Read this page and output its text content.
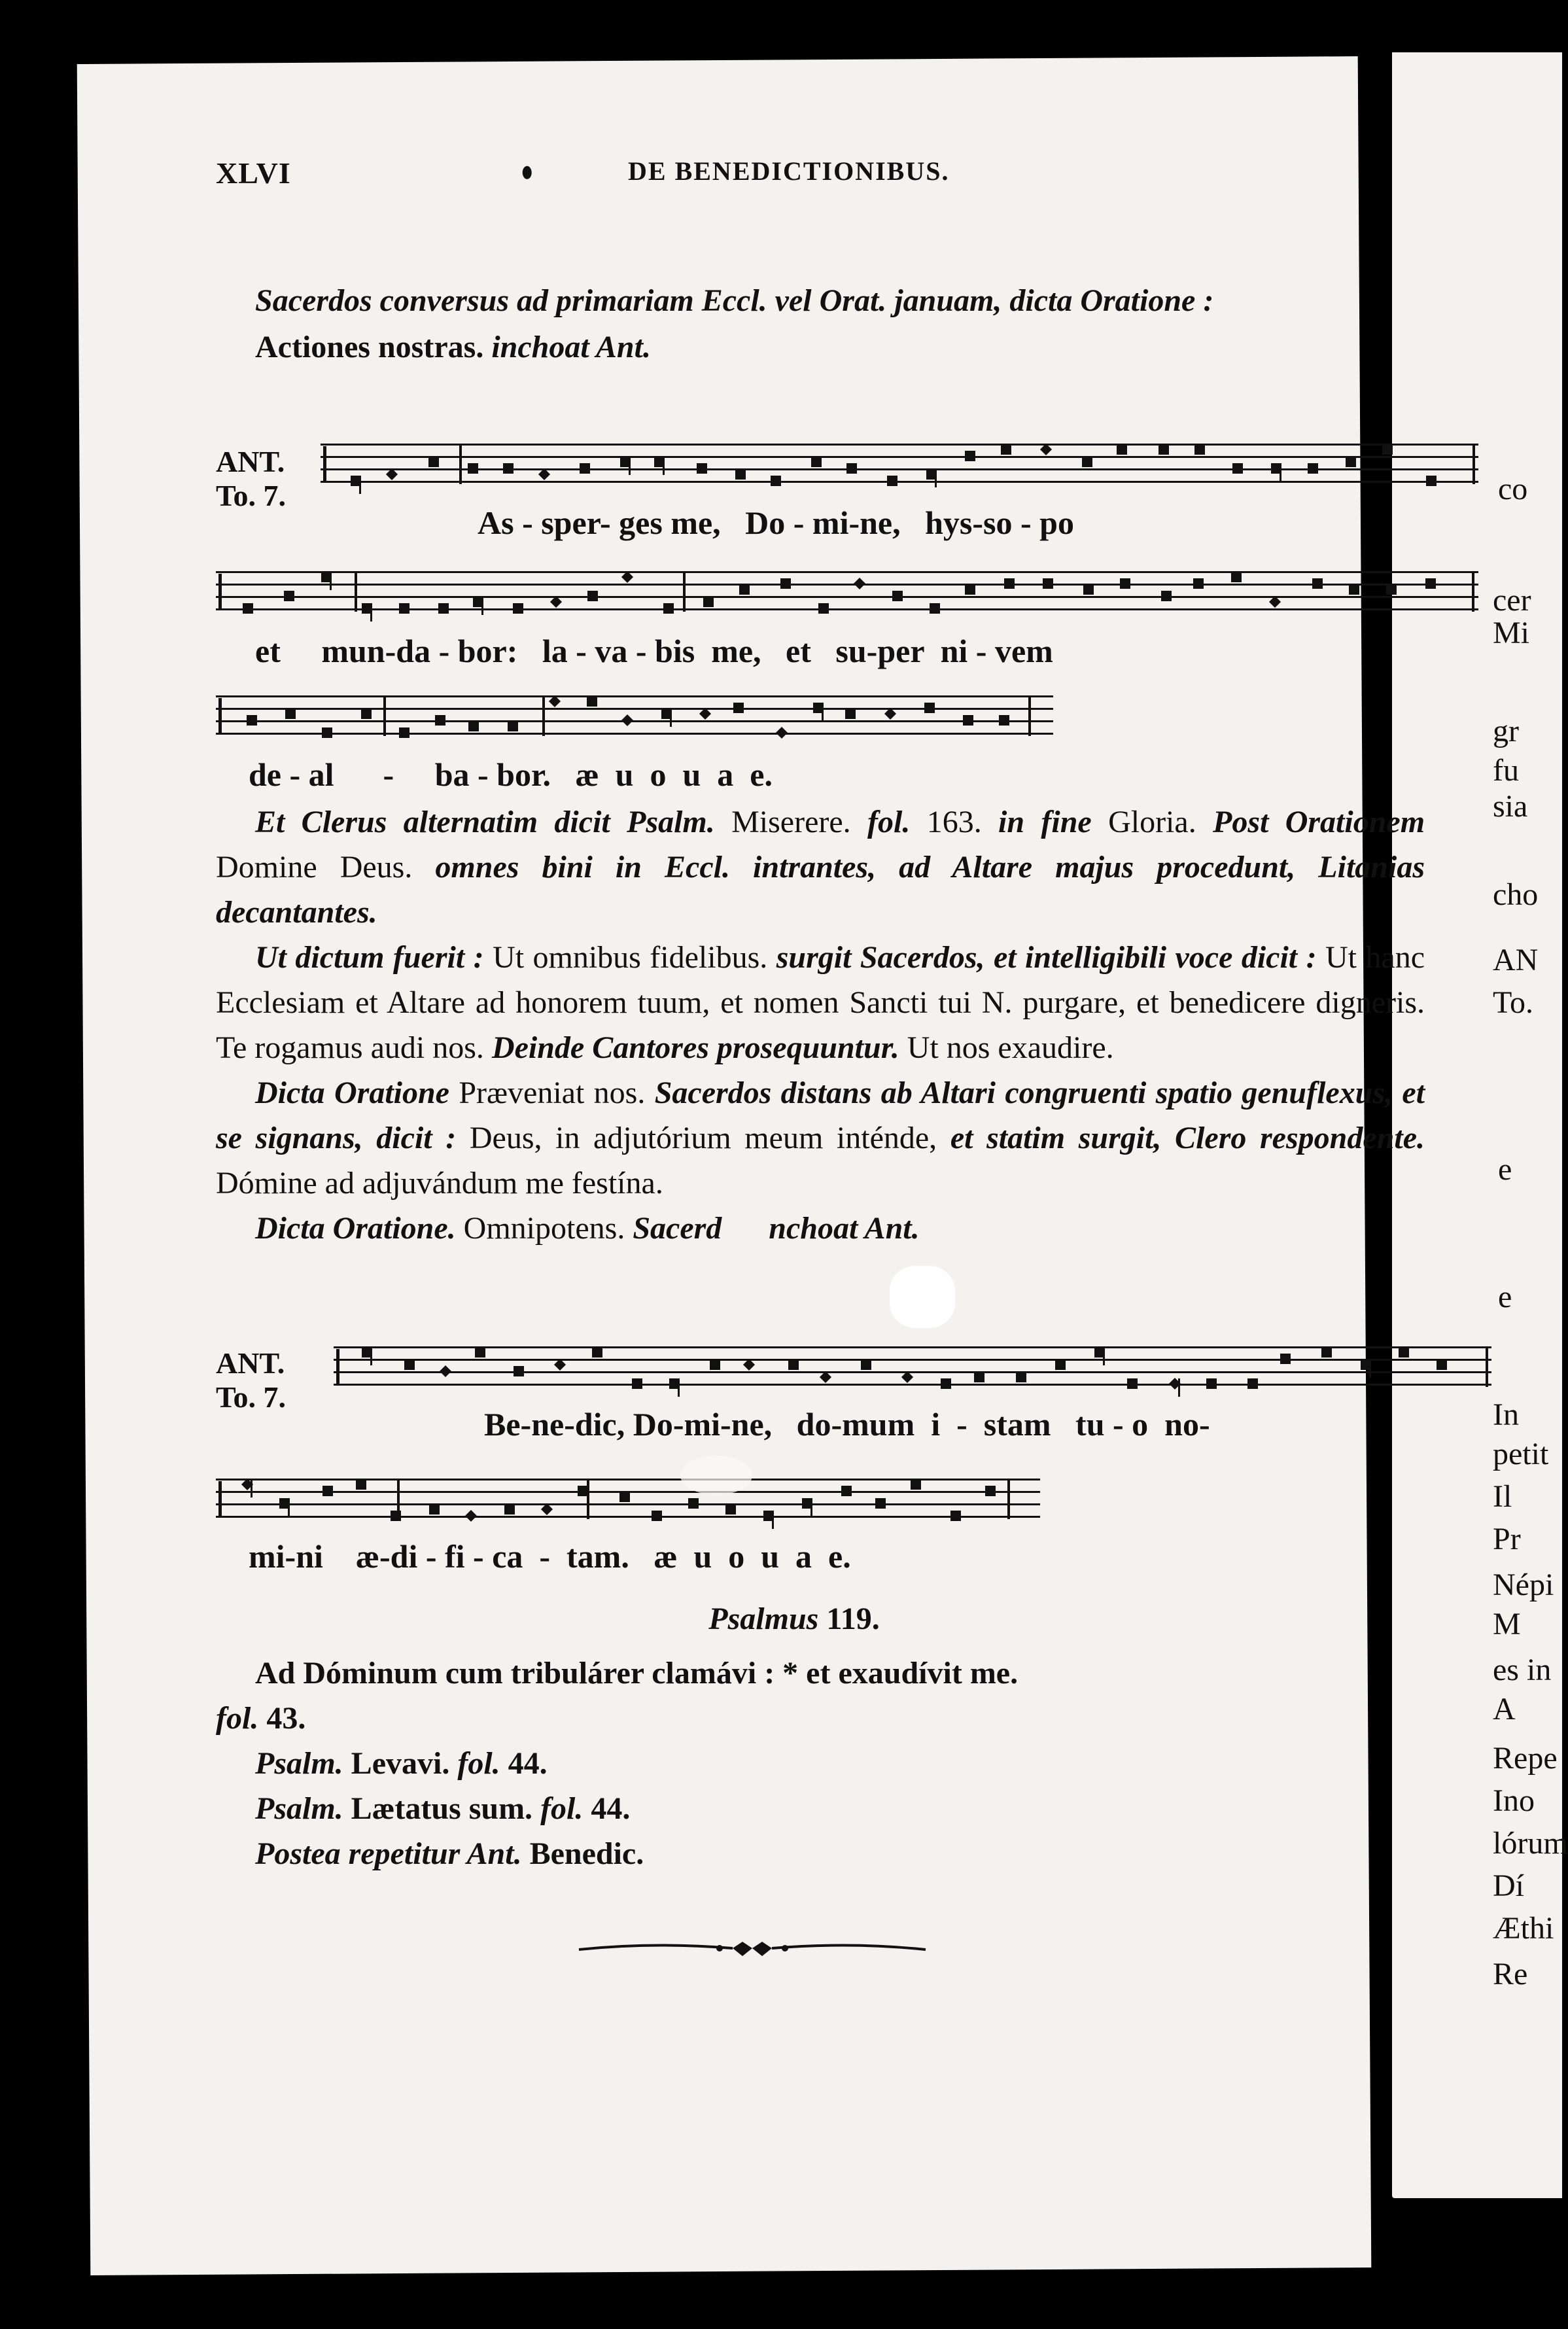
XLVI	DE BENEDICTIONIBUS.

Sacerdos conversus ad primariam Eccl. vel Orat. januam, dicta Oratione :

Actiones nostras. inchoat Ant.

ANT.
To. 7.
As - sper- ges me,   Do - mi-ne,   hys-so - po
et     mun-da - bor:   la - va - bis  me,   et   su-per  ni - vem
de - al      -     ba - bor.   æ  u  o  u  a  e.

Et Clerus alternatim dicit Psalm. Miserere. fol. 163. in fine Gloria. Post Orationem Domine Deus. omnes bini in Eccl. intrantes, ad Altare majus procedunt, Litanias decantantes.

Ut dictum fuerit : Ut omnibus fidelibus. surgit Sacerdos, et intelligibili voce dicit : Ut hanc Ecclesiam et Altare ad honorem tuum, et nomen Sancti tui N. purgare, et benedicere digneris. Te rogamus audi nos. Deinde Cantores prosequuntur. Ut nos exaudire.

Dicta Oratione Præveniat nos. Sacerdos distans ab Altari congruenti spatio genuflexus, et se signans, dicit : Deus, in adjutórium meum inténde, et statim surgit, Clero respondente. Dómine ad adjuvándum me festína.

Dicta Oratione. Omnipotens. Sacerd nchoat Ant.

ANT.
To. 7.
Be-ne-dic, Do-mi-ne,   do-mum  i  -  stam   tu - o  no-
mi-ni    æ-di - fi - ca  -  tam.   æ  u  o  u  a  e.

Psalmus 119.

Ad Dóminum cum tribulárer clamávi : * et exaudívit me.

fol. 43.

Psalm. Levavi. fol. 44.

Psalm. Lætatus sum. fol. 44.

Postea repetitur Ant. Benedic.

co
cer
Mi
gr
fu
sia
cho
AN
To.
e
e
In
petit
Il
Pr
Népi
M
es in
A
Repe
Ino
lórum
Dí
Æthi
Re
